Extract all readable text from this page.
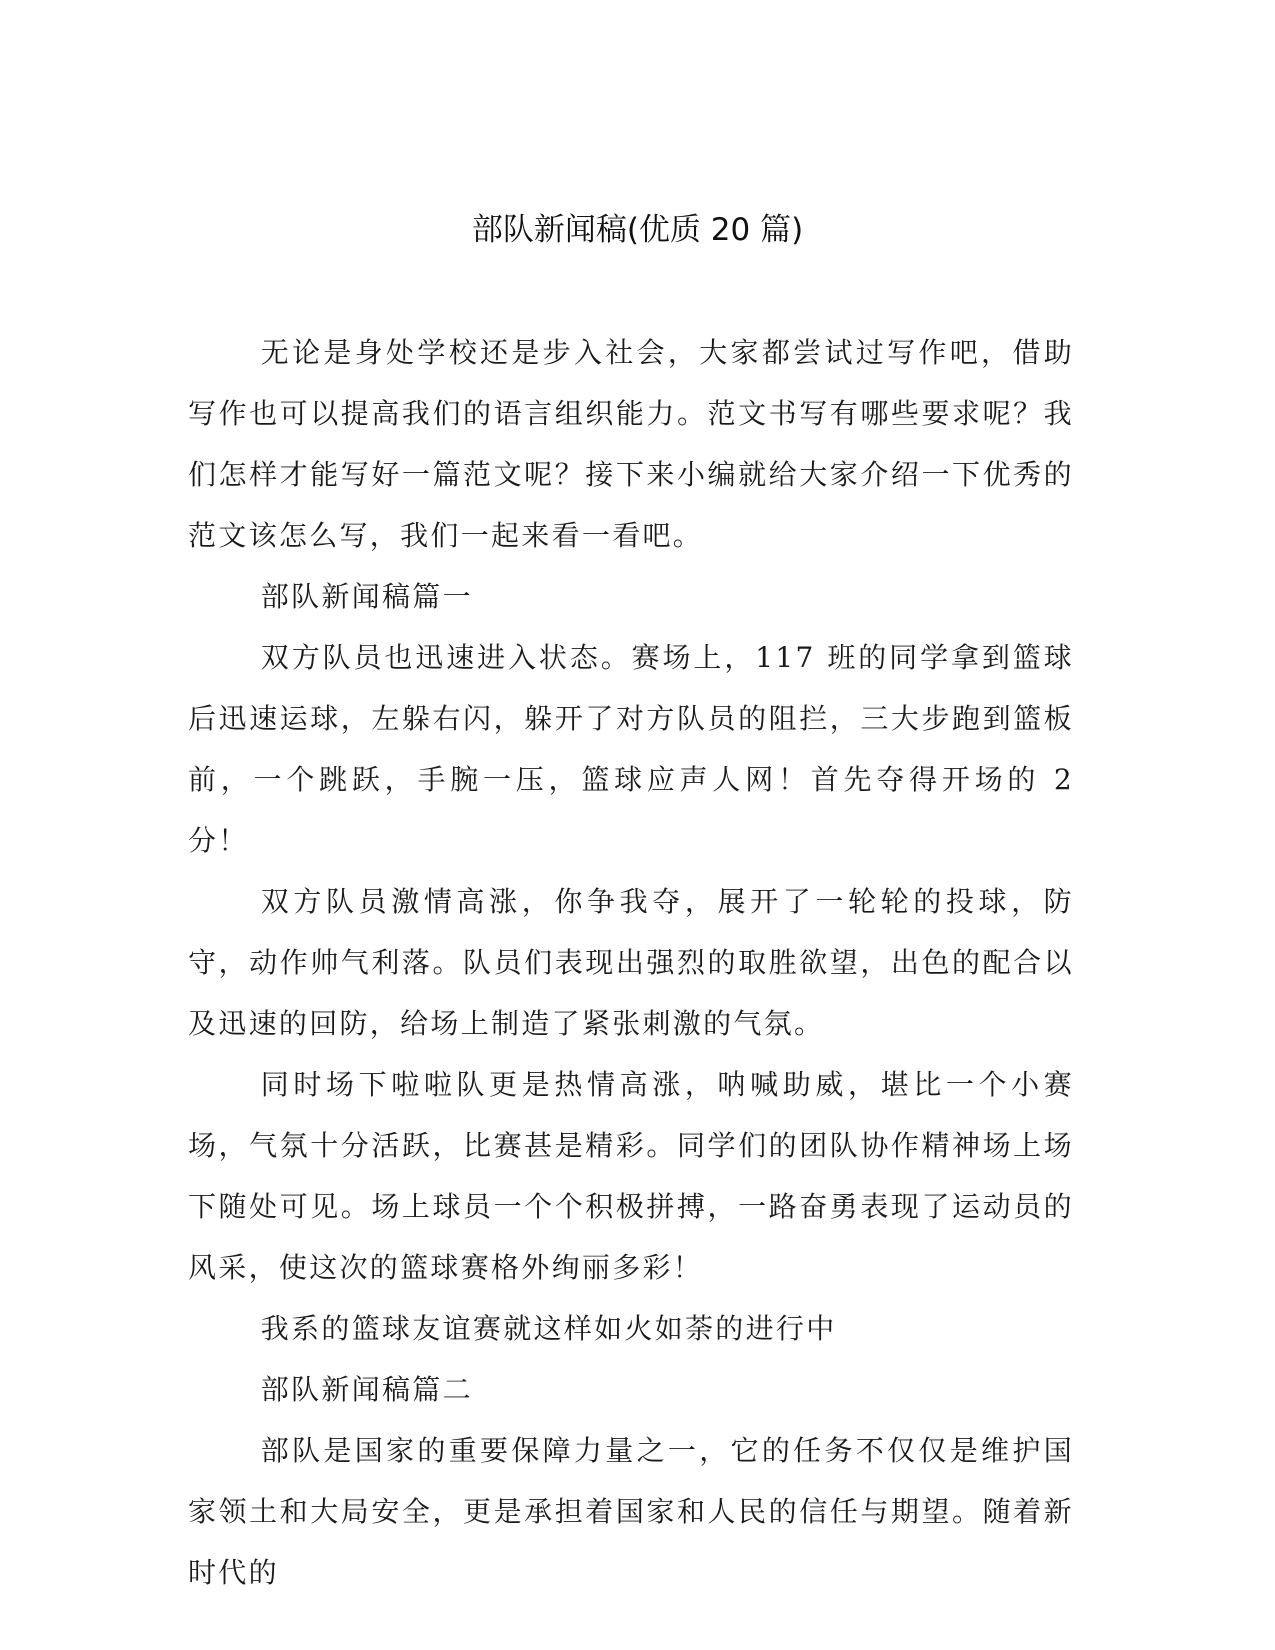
部队新闻稿(优质 20 篇)

无论是身处学校还是步入社会，大家都尝试过写作吧，借助写作也可以提高我们的语言组织能力。范文书写有哪些要求呢？我们怎样才能写好一篇范文呢？接下来小编就给大家介绍一下优秀的范文该怎么写，我们一起来看一看吧。

部队新闻稿篇一

双方队员也迅速进入状态。赛场上，117 班的同学拿到篮球后迅速运球，左躲右闪，躲开了对方队员的阻拦，三大步跑到篮板前，一个跳跃，手腕一压，篮球应声人网！首先夺得开场的 2 分！

双方队员激情高涨，你争我夺，展开了一轮轮的投球，防守，动作帅气利落。队员们表现出强烈的取胜欲望，出色的配合以及迅速的回防，给场上制造了紧张刺激的气氛。

同时场下啦啦队更是热情高涨，呐喊助威，堪比一个小赛场，气氛十分活跃，比赛甚是精彩。同学们的团队协作精神场上场下随处可见。场上球员一个个积极拼搏，一路奋勇表现了运动员的风采，使这次的篮球赛格外绚丽多彩！

我系的篮球友谊赛就这样如火如荼的进行中

部队新闻稿篇二

部队是国家的重要保障力量之一，它的任务不仅仅是维护国家领土和大局安全，更是承担着国家和人民的信任与期望。随着新时代的
